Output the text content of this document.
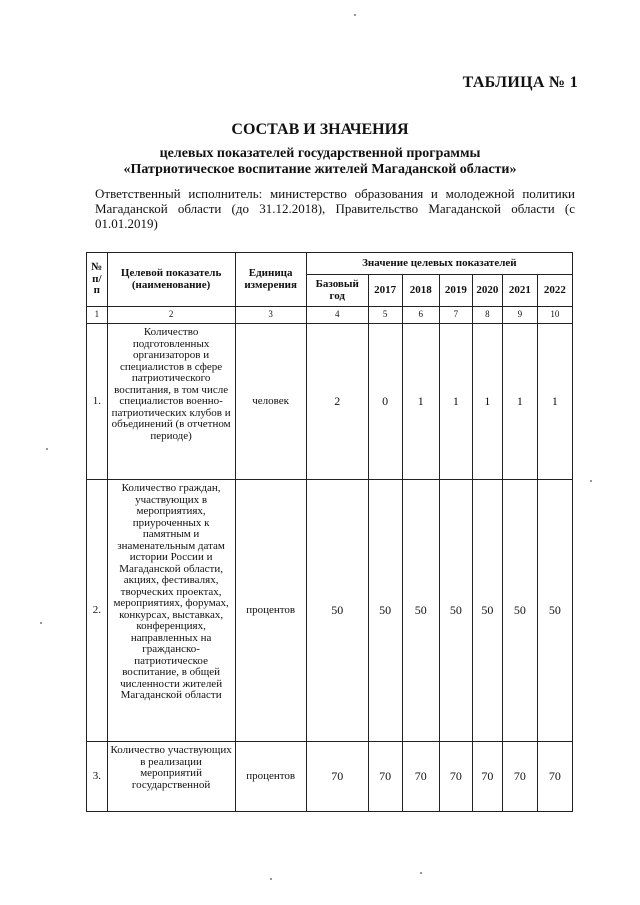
ТАБЛИЦА № 1
СОСТАВ И ЗНАЧЕНИЯ
целевых показателей государственной программы
«Патриотическое воспитание жителей Магаданской области»
Ответственный исполнитель: министерство образования и молодежной политики Магаданской области (до 31.12.2018), Правительство Магаданской области (с 01.01.2019)
№ п/п	Целевой показатель (наименование)	Единица измерения	Значение целевых показателей						
			Базовый год	2017	2018	2019	2020	2021	2022
1	2	3	4	5	6	7	8	9	10
1.	Количество подготовленных организаторов и специалистов в сфере патриотического воспитания, в том числе специалистов военно-патриотических клубов и объединений (в отчетном периоде)	человек	2	0	1	1	1	1	1
2.	Количество граждан, участвующих в мероприятиях, приуроченных к памятным и знаменательным датам истории России и Магаданской области, акциях, фестивалях, творческих проектах, мероприятиях, форумах, конкурсах, выставках, конференциях, направленных на гражданско-патриотическое воспитание, в общей численности жителей Магаданской области	процентов	50	50	50	50	50	50	50
3.	Количество участвующих в реализации мероприятий государственной	процентов	70	70	70	70	70	70	70
